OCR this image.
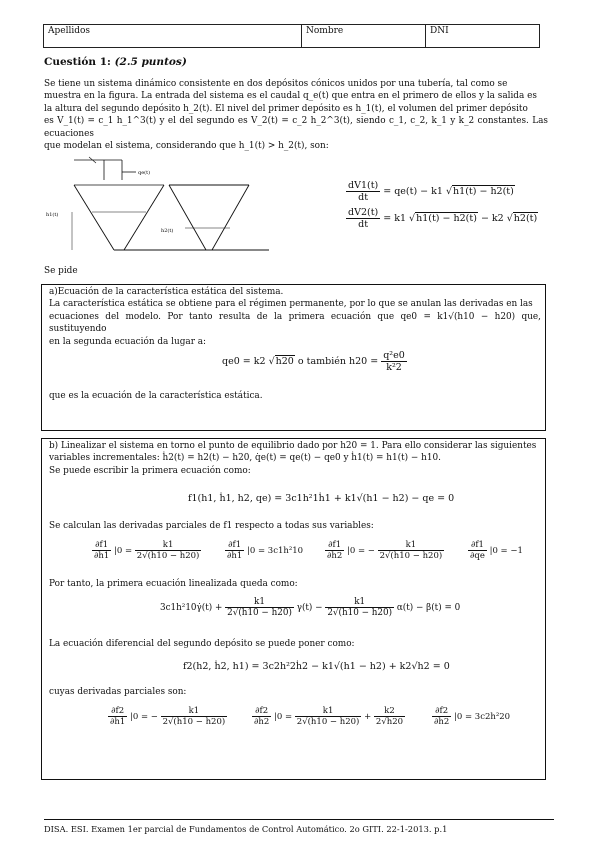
Apellidos	Nombre	DNI
Cuestión 1: (2.5 puntos)
Se tiene un sistema dinámico consistente en dos depósitos cónicos unidos por una tubería, tal como se
muestra en la figura. La entrada del sistema es el caudal q_e(t) que entra en el primero de ellos y la salida es
la altura del segundo depósito h_2(t). El nivel del primer depósito es h_1(t), el volumen del primer depósito
es V_1(t) = c_1 h_1^3(t) y el del segundo es V_2(t) = c_2 h_2^3(t), siendo c_1, c_2, k_1 y k_2 constantes. Las ecuaciones
que modelan el sistema, considerando que h_1(t) > h_2(t), son:
qe(t)
h1(t)
h2(t)
$\frac{dV1(t)}{dt} = qe(t) - k1$ √h1(t) − h2(t)
$\frac{dV2(t)}{dt} = k1$ √h1(t) − h2(t) − k2 √h2(t)
Se pide
a)Ecuación de la característica estática del sistema.
La característica estática se obtiene para el régimen permanente, por lo que se anulan las derivadas en las
ecuaciones del modelo. Por tanto resulta de la primera ecuación que qe0 = k1√(h10 − h20) que, sustituyendo
en la segunda ecuación da lugar a:
qe0 = k2 √h20 o también $h20 = \frac{\text{q²e0}}{\text{k²2}}$
que es la ecuación de la característica estática.
b) Linealizar el sistema en torno el punto de equilibrio dado por h20 = 1. Para ello considerar las siguientes
variables incrementales: ḣ2(t) = h2(t) − h20, q̇e(t) = qe(t) − qe0 y ḣ1(t) = h1(t) − h10.
Se puede escribir la primera ecuación como:
f1(h1, ḣ1, h2, qe) = 3c1h²1ḣ1 + k1√(h1 − h2) − qe = 0
Se calculan las derivadas parciales de f1 respecto a todas sus variables:
$\frac{\partial f1}{\partial h1} |0 = \frac{k1}{2√(h10 - h20)}$	$\frac{\partial f1}{\text{∂ḣ1}} |0 = 3c1h^210$	$\frac{\partial f1}{\partial h2} |0$ = − $\frac{k1}{2√(h10 - h20)}$	$\frac{\partial f1}{\partial qe} |0 = -1$
Por tanto, la primera ecuación linealizada queda como:
3c1h²10γ̇(t) + $\frac{k1}{2√(h10 - h20)} \gamma(t) - \frac{k1}{2√(h10 - h20)} \alpha(t) - \beta(t) = 0$
La ecuación diferencial del segundo depósito se puede poner como:
f2(h2, ḣ2, h1) = 3c2h²2ḣ2 − k1√(h1 − h2) + k2√h2 = 0
cuyas derivadas parciales son:
$\frac{\partial f2}{\partial h1} |0$ = − $\frac{k1}{2√(h10 - h20)}$	$\frac{\partial f2}{\partial h2} |0 = \frac{k1}{2√(h10 - h20)} + \frac{k2}{2√h20}$	$\frac{\partial f2}{\text{∂ḣ2}} |0 = 3c2h^220$
DISA. ESI. Examen 1er parcial de Fundamentos de Control Automático. 2o GITI. 22-1-2013. p.1
